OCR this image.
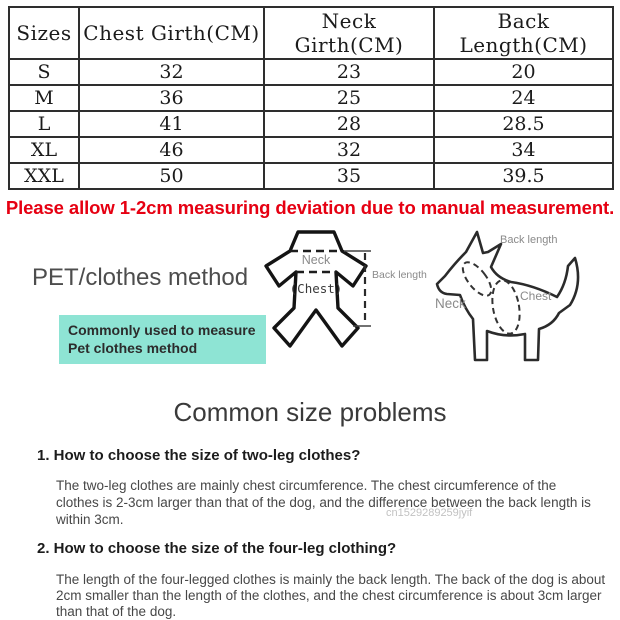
Sizes	Chest Girth(CM)	Neck Girth(CM)	Back Length(CM)
S	32	23	20
M	36	25	24
L	41	28	28.5
XL	46	32	34
XXL	50	35	39.5
Please allow 1-2cm measuring deviation due to manual measurement.
PET/clothes method
Commonly used to measure
Pet clothes method
Neck
(Chest)
Back length
Back length
Neck	Chest
Common size problems
1. How to choose the size of two-leg clothes?
The two-leg clothes are mainly chest circumference. The chest circumference of the
clothes is 2-3cm larger than that of the dog, and the difference between the back length is
within 3cm.	cn1529289259jyif
2. How to choose the size of the four-leg clothing?
The length of the four-legged clothes is mainly the back length. The back of the dog is about
2cm smaller than the length of the clothes, and the chest circumference is about 3cm larger
than that of the dog.
